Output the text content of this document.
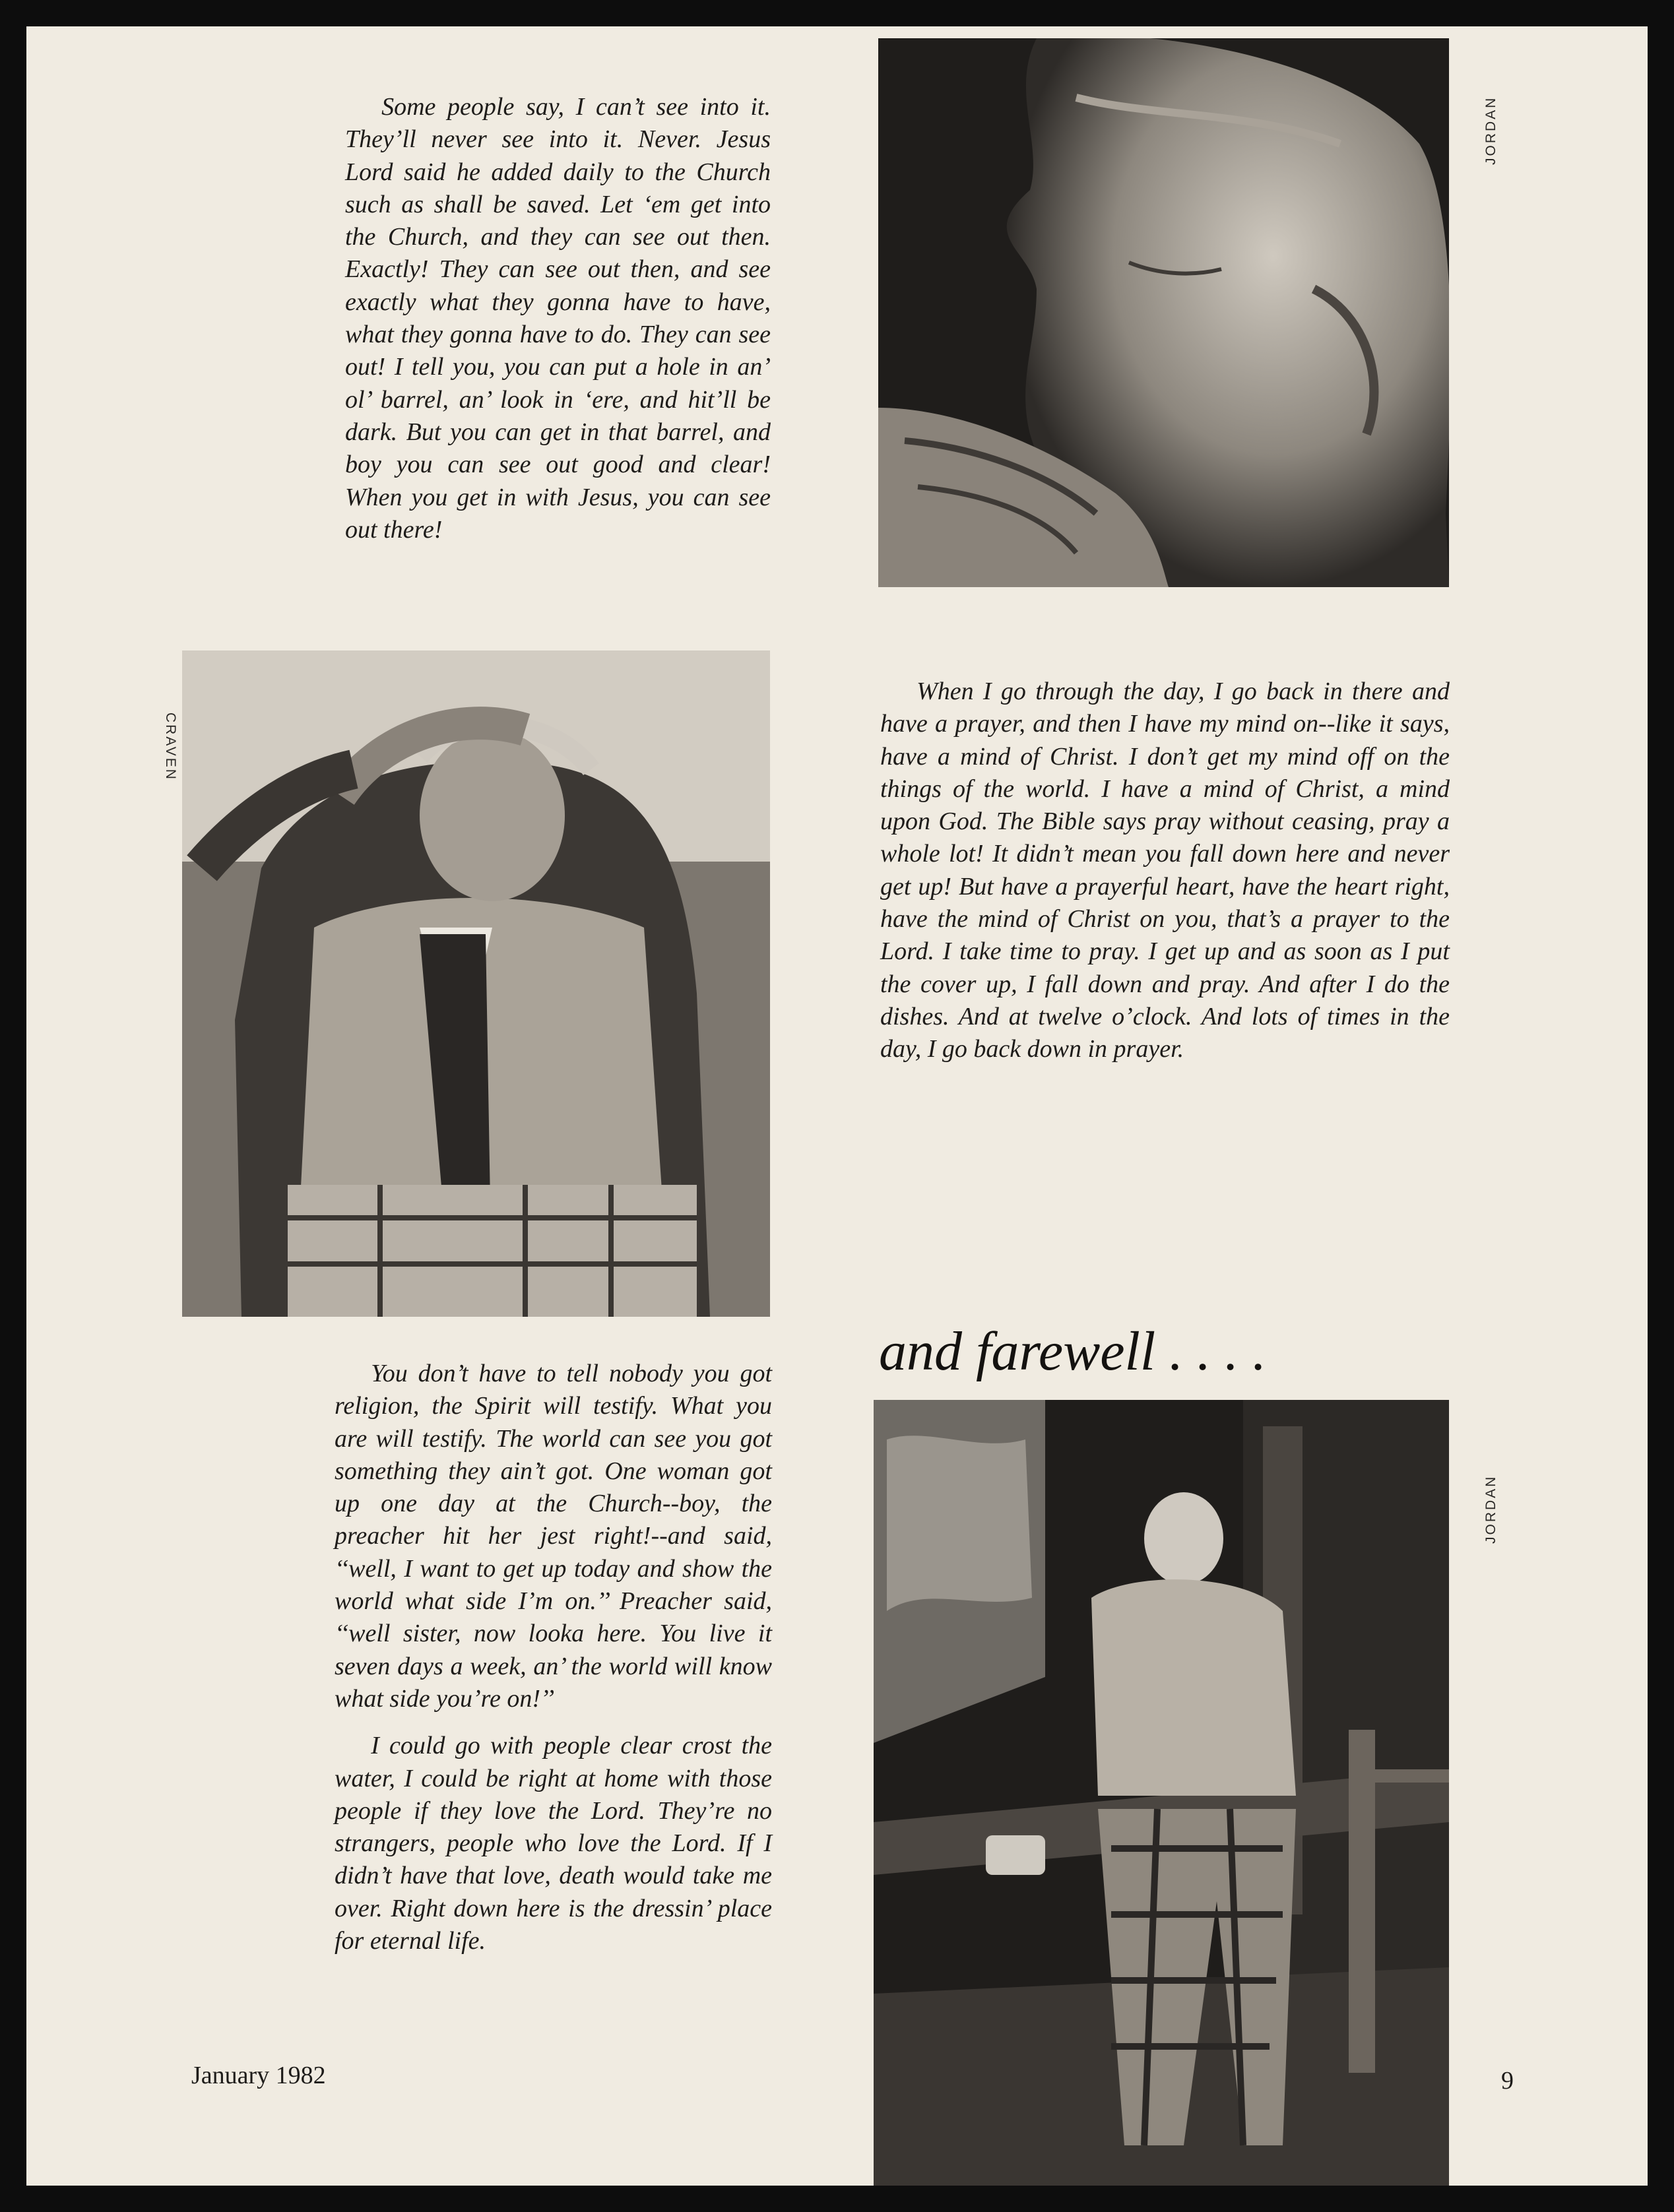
Some people say, I can’t see into it. They’ll never see into it. Never. Jesus Lord said he added daily to the Church such as shall be saved. Let ‘em get into the Church, and they can see out then. Exactly! They can see out then, and see exactly what they gonna have to have, what they gonna have to do. They can see out! I tell you, you can put a hole in an’ ol’ barrel, an’ look in ‘ere, and hit’ll be dark. But you can get in that barrel, and boy you can see out good and clear! When you get in with Jesus, you can see out there!

JORDAN
CRAVEN

When I go through the day, I go back in there and have a prayer, and then I have my mind on--like it says, have a mind of Christ. I don’t get my mind off on the things of the world. I have a mind of Christ, a mind upon God. The Bible says pray without ceasing, pray a whole lot! It didn’t mean you fall down here and never get up! But have a prayerful heart, have the heart right, have the mind of Christ on you, that’s a prayer to the Lord. I take time to pray. I get up and as soon as I put the cover up, I fall down and pray. And after I do the dishes. And at twelve o’clock. And lots of times in the day, I go back down in prayer.

and farewell . . . .

You don’t have to tell nobody you got religion, the Spirit will testify. What you are will testify. The world can see you got something they ain’t got. One woman got up one day at the Church--boy, the preacher hit her jest right!--and said, ‘‘well, I want to get up today and show the world what side I’m on.’’ Preacher said, ‘‘well sister, now looka here. You live it seven days a week, an’ the world will know what side you’re on!’’

I could go with people clear crost the water, I could be right at home with those people if they love the Lord. They’re no strangers, people who love the Lord. If I didn’t have that love, death would take me over. Right down here is the dressin’ place for eternal life.

JORDAN
January 1982	9
